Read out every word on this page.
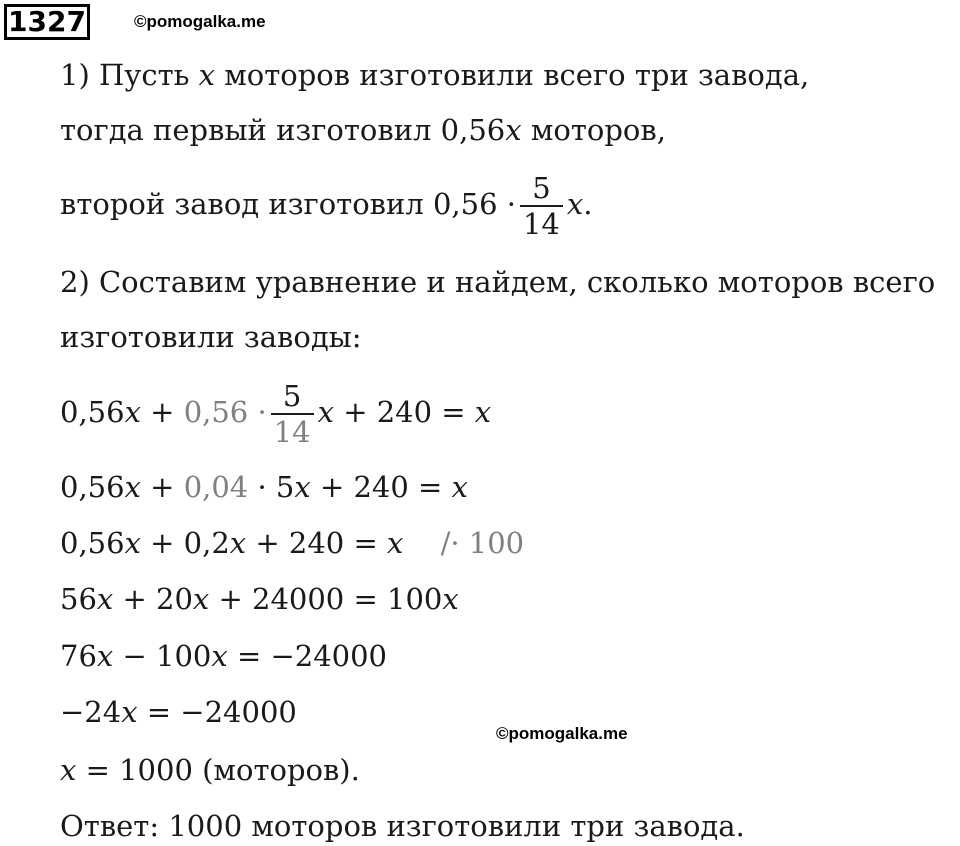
1327	©pomogalka.me
1) Пусть x моторов изготовили всего три завода,
тогда первый изготовил 0,56x моторов,
второй завод изготовил $0,56 \cdot \frac{5}{14} x$.
2) Составим уравнение и найдем, сколько моторов всего
изготовили заводы:
$0,56x + 0,56 \cdot \frac{5}{14}$ x + 240 = x
0,56x + 0,04 · 5x + 240 = x
0,56x + 0,2x + 240 = x /· 100
56x + 20x + 24000 = 100x
76x − 100x = −24000
−24x = −24000
©pomogalka.me
x = 1000 (моторов).
Ответ: 1000 моторов изготовили три завода.
